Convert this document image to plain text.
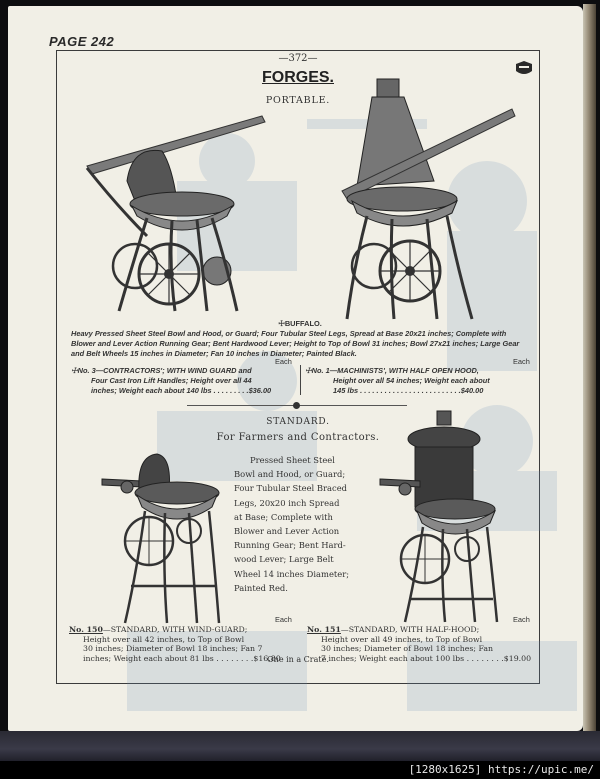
[1280x1625] https://upic.me/
PAGE 242
—372—
FORGES.
PORTABLE.
☩BUFFALO.
Heavy Pressed Sheet Steel Bowl and Hood, or Guard; Four Tubular Steel Legs, Spread at Base 20x21 inches; Complete with Blower and Lever Action Running Gear; Bent Hardwood Lever; Height to Top of Bowl 31 inches; Bowl 27x21 inches; Large Gear and Belt Wheels 15 inches in Diameter; Fan 10 inches in Diameter; Painted Black.
Each	Each
☩No. 3—CONTRACTORS'; WITH WIND GUARD and
Four Cast Iron Lift Handles; Height over all 44
inches; Weight each about 140 lbs . . . . . . . . .$36.00
☩No. 1—MACHINISTS', WITH HALF OPEN HOOD,
Height over all 54 inches; Weight each about
145 lbs . . . . . . . . . . . . . . . . . . . . . . . . .$40.00
STANDARD.
For Farmers and Contractors.
Pressed Sheet Steel
Bowl and Hood, or Guard;
Four Tubular Steel Braced
Legs, 20x20 inch Spread
at Base; Complete with
Blower and Lever Action
Running Gear; Bent Hard-
wood Lever; Large Belt
Wheel 14 inches Diameter;
Painted Red.
Each	Each
No. 150—STANDARD, WITH WIND-GUARD;
Height over all 42 inches, to Top of Bowl
30 inches; Diameter of Bowl 18 inches; Fan 7
inches; Weight each about 81 lbs . . . . . . . .$16.80
No. 151—STANDARD, WITH HALF-HOOD;
Height over all 49 inches, to Top of Bowl
30 inches; Diameter of Bowl 18 inches; Fan
7 inches; Weight each about 100 lbs . . . . . . . .$19.00
One in a Crate.
